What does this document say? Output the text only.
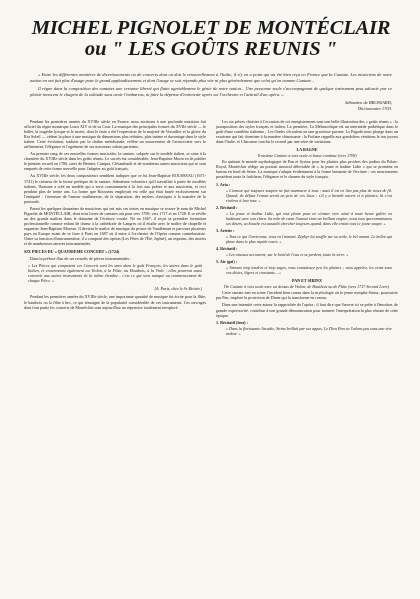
MICHEL PIGNOLET DE MONTÉCLAIR
ou " LES GOÛTS REUNIS "

« Entre les différentes manières de divertissements ou de concerts dont on doit le renouvellement à l'Italie, il n'y en a point qui ait été bien reçu en France que la Cantate. Les musiciens de notre nation en ont fait plus d'usage pour le grand applaudissement et dont l'usage se soit répandu plus vite ni plus généralement que celui qu'on nomme Cantate...

Il règne dans la composition des cantates une certaine liberté qui flatte agréablement le génie de notre nation... Une personne seule s'accompagnant de quelque instrument peut adoucir par ce plaisir innocent le chagrin de la solitude sans avoir l'embarras, ni faire la dépense d'entretenir après soi l'orchestre et l'attirail d'un opéra. »

Sébastien de BROSSARD,
Dictionnaire 1703.

Pendant les premières années du XVIIIe siècle en France, nous assistons à une profonde mutation fait officiel du règne monarque Louis XIV et de sa Cour. La musique des principales formes du XVIIe siècle — le ballet, la tragédie lyrique et le motet, dont le faste a été l'expression de la majesté de Versailles et la gloire du Roi Soleil — cèdent la place à une musique de dimensions plus réduites, plus intime et davantage dans le style italien. Cette évolution, traduite par la chaîne méridionale, reflète un mouvement de l'aristocratie vers le raffinement, l'élégance et l'agrément de ses nouveaux salons parisiens.

Au premier rang de ces nouvelles formes musicales, la cantate, calquée sur le modèle italien, se situe à la charnière du XVIIIe siècle dans les goûts réunis. Le succès fut considérable, Jean-Baptiste Morin en fit publier le premier recueil en 1706, suivi de Bernier, Campra, Clérambault et de nombreux autres musiciens qui se sont emparés de cette forme nouvelle pour l'adapter au goût français.

Au XVIIIe siècle, les deux compositeurs semblent indiquer que ce fut Jean-Baptiste ROUSSEAU (1671-1741) le créateur de la forme poétique de la cantate. Admettant volontiers qu'il travaillait à partir de modèles italiens, l'homme a créé un modèle qui a servi constamment à la fois aux poètes et aux musiciens, et ceci pendant plus de trente ans. La forme que Rousseau employait est celle qui était basée exclusivement sur l'antiquité : l'aventure de l'amour malheureux, de la séparation, des mythes classiques à la manière de la pastorale.

Parmi les quelques douzaines de musiciens qui ont mis ces textes en musique se trouve le nom de Michel Pignolet de MONTÉCLAIR, dont trois livres de cantates ont paru vers 1709, vers 1717 et en 1728. Il se révèle un des grands maîtres dans le domaine de l'écriture vocale. Né en 1667, il reçut sa première formation professionnelle comme enfant de chœur à la cathédrale de Langres où il étudie avec le maître de chapelle et organiste Jean-Baptiste Moreau. Il devient le maître de musique du prince de Vaudémont et parcourt plusieurs pays en Europe avant de se fixer à Paris en 1687 où il entre à l'orchestre de l'Opéra comme contrebassiste. Outre sa fonction d'instrumentiste, il a composé des opéras (Les Fêtes de l'Été, Jephté), un requiem, des motets et de nombreuses œuvres instrumentales.

SIX PIECES DU « QUATRIEME CONCERT » (1724)

Dans la préface d'un de ses recueils de pièces instrumentales :

« Les Pièces qui composent ces Concerts sont les unes dans le goût François, les autres dans le goût Italien, et conviennent également au Violon, à la Flûte, au Hautbois, à la Viole ; elles pourront aussi convenir aux autres instruments de la même étendue... c'est ce qui sera marqué au commencement de chaque Pièce. »

(A. Paris, chez le Sr. Boivin.)

Pendant les premières années du XVIIIe siècle, une importante quantité de musique fut écrite pour la flûte, le hautbois ou la flûte à bec, ce qui témoigne de la popularité considérable de ces instruments. Ces ouvrages dont font partie les concerts de Montéclair sont aujourd'hui un répertoire totalement inexploré.

Les six pièces choisies à l'occasion de cet enregistrement sont une belle illustration des « goûts réunis » : la juxtaposition des styles français et italien. La première, La Mélancolique est un intermède pathétique dans le goût d'une cantilène italienne ; Les Ondes s'écoulent en une gracieuse pavane. La Pagode nous plonge dans un exotisme qui fait cheminer à la manière chinoisante ; la Forlane rappelle aux gondoliers vénitiens le ton joyeux dans l'Italie, et Chaconne conclut le recueil par une série de variations.

LA BAGNE

Troisième Cantate à voix seule et basse continue (vers 1709)

En quittant le monde mythologique de Pan et Syrinx pour les plaisirs plus proches des jardins du Palais-Royal, Montéclair rédige un portrait musical délectable de « la jeune et badine Lidie » qui se promène en bateau en bord de Seine. La musique s'adapte évidemment à la forme humaine de l'écriture ; ces mouvements possèdent toute la fraîcheur, l'élégance et le charme du style français.

1. Aria :

« L'amour qui toujours soupire ne fait murmurer à tous ; mais il est en lieu pas plus de roses de fil. Quand, de défaut l'ennui serait un prix de ces lieux ; s'il y a bientôt ouvert et à plaisirs, là c'est rivières à leur tour. »

2. Récitatif :

« La jeune et badine Lidie, qui veut plaire pour ne s'aimer rien. aimé à toute heure galère en badinant avec son chien. Sa robe de cœur l'amour tient un brillant empire, nous tous queconnaissons ses désirs, sa bouche est aussitôt chercher toujours quand, dans elle craint tout ce jeune soupir. »

3. Ariette :

« Tout ce qui l'environne, vous en t'aimant. Zéphyr lui souffle sur sa voile, le bel amant. Le bellot qui plane dans le plus rapide cours. »

4. Récitatif :

« Les oiseaux accourent, sur le bord de l'eau et se perdent, toute la terre. »

5. Air (gai) :

« Amours trop tendres et trop sages, vous connaissez peu les plaisirs ; vous appelez, les vents sous vos désirs, légers et constants... »

PAN ET SIRINX

IVe Cantate à voix seule avec un dessus de Violon, de Hautbois ou de Flûte (vers 1717 Second Livre).

Cette cantate met en scène l'incident bien connu dans la mythologie où la jeune nymphe Sirinx, poursuivie par Pan, implore la protection de Diane qui la transforme en roseau.

Dans une intensité certe auteur la rapprochée de l'opéra ; il faut dire que l'œuvre ici se prête à l'émotion, de grande expressivité, contribue à une grande démonstration pour montrer l'interprétation la plus réussie de cette époque.

1. Récitatif (lent) :

« Dans la florissante Arcadie, Sirinx brillait par ses appas. Le Dieu Pan ne l'adora pas sans une vive ardeur. »
